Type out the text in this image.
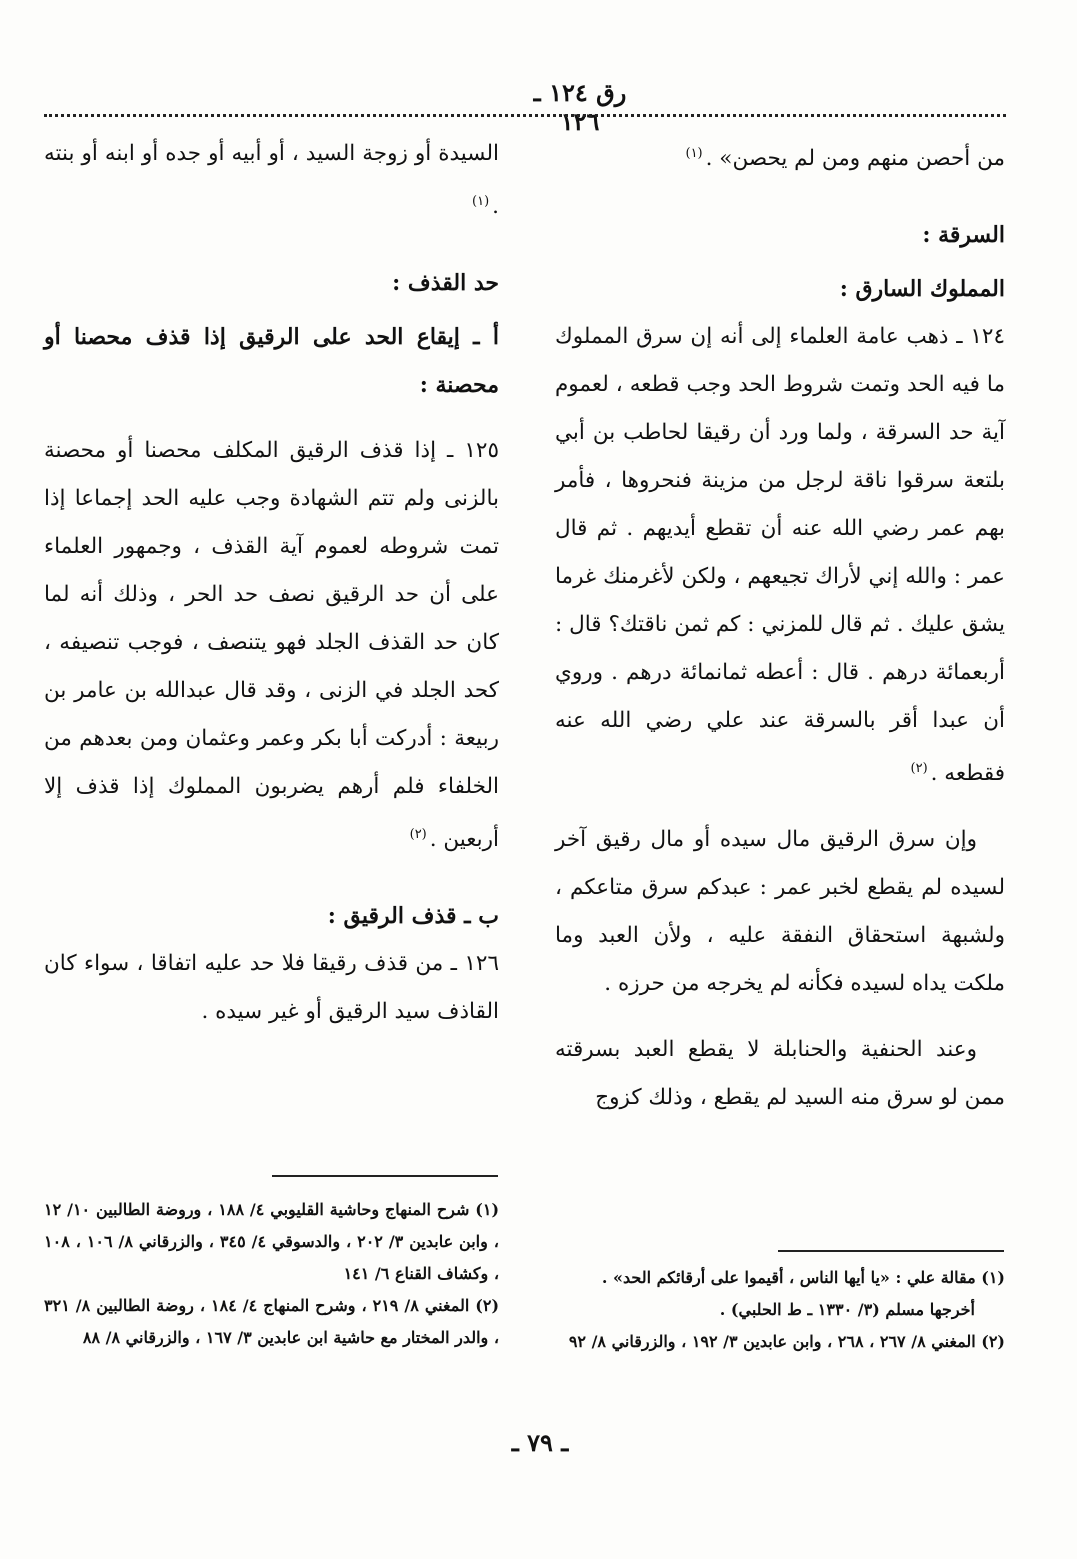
رق ١٢٤ ـ ١٢٦

من أحصن منهم ومن لم يحصن» .$^{(١)}$

السرقة :

المملوك السارق :

١٢٤ ـ ذهب عامة العلماء إلى أنه إن سرق المملوك ما فيه الحد وتمت شروط الحد وجب قطعه ، لعموم آية حد السرقة ، ولما ورد أن رقيقا لحاطب بن أبي بلتعة سرقوا ناقة لرجل من مزينة فنحروها ، فأمر بهم عمر رضي الله عنه أن تقطع أيديهم . ثم قال عمر : والله إني لأراك تجيعهم ، ولكن لأغرمنك غرما يشق عليك . ثم قال للمزني : كم ثمن ناقتك؟ قال : أربعمائة درهم . قال : أعطه ثمانمائة درهم . وروي أن عبدا أقر بالسرقة عند علي رضي الله عنه فقطعه .$^{(٢)}$

وإن سرق الرقيق مال سيده أو مال رقيق آخر لسيده لم يقطع لخبر عمر : عبدكم سرق متاعكم ، ولشبهة استحقاق النفقة عليه ، ولأن العبد وما ملكت يداه لسيده فكأنه لم يخرجه من حرزه .

وعند الحنفية والحنابلة لا يقطع العبد بسرقته ممن لو سرق منه السيد لم يقطع ، وذلك كزوج

السيدة أو زوجة السيد ، أو أبيه أو جده أو ابنه أو بنته .$^{(١)}$

حد القذف :

أ ـ إيقاع الحد على الرقيق إذا قذف محصنا أو محصنة :

١٢٥ ـ إذا قذف الرقيق المكلف محصنا أو محصنة بالزنى ولم تتم الشهادة وجب عليه الحد إجماعا إذا تمت شروطه لعموم آية القذف ، وجمهور العلماء على أن حد الرقيق نصف حد الحر ، وذلك أنه لما كان حد القذف الجلد فهو يتنصف ، فوجب تنصيفه ، كحد الجلد في الزنى ، وقد قال عبدالله بن عامر بن ربيعة : أدركت أبا بكر وعمر وعثمان ومن بعدهم من الخلفاء فلم أرهم يضربون المملوك إذا قذف إلا أربعين .$^{(٢)}$

ب ـ قذف الرقيق :

١٢٦ ـ من قذف رقيقا فلا حد عليه اتفاقا ، سواء كان القاذف سيد الرقيق أو غير سيده .

(١) شرح المنهاج وحاشية القليوبي ٤/ ١٨٨ ، وروضة الطالبين ١٠/ ١٢ ، وابن عابدين ٣/ ٢٠٢ ، والدسوقي ٤/ ٣٤٥ ، والزرقاني ٨/ ١٠٦ ، ١٠٨ ، وكشاف القناع ٦/ ١٤١

(٢) المغني ٨/ ٢١٩ ، وشرح المنهاج ٤/ ١٨٤ ، روضة الطالبين ٨/ ٣٢١ ، والدر المختار مع حاشية ابن عابدين ٣/ ١٦٧ ، والزرقاني ٨/ ٨٨

(١) مقالة علي : «يا أيها الناس ، أقيموا على أرقائكم الحد» .

أخرجها مسلم (٣/ ١٣٣٠ ـ ط الحلبي) .

(٢) المغني ٨/ ٢٦٧ ، ٢٦٨ ، وابن عابدين ٣/ ١٩٢ ، والزرقاني ٨/ ٩٢

ـ ٧٩ ـ
